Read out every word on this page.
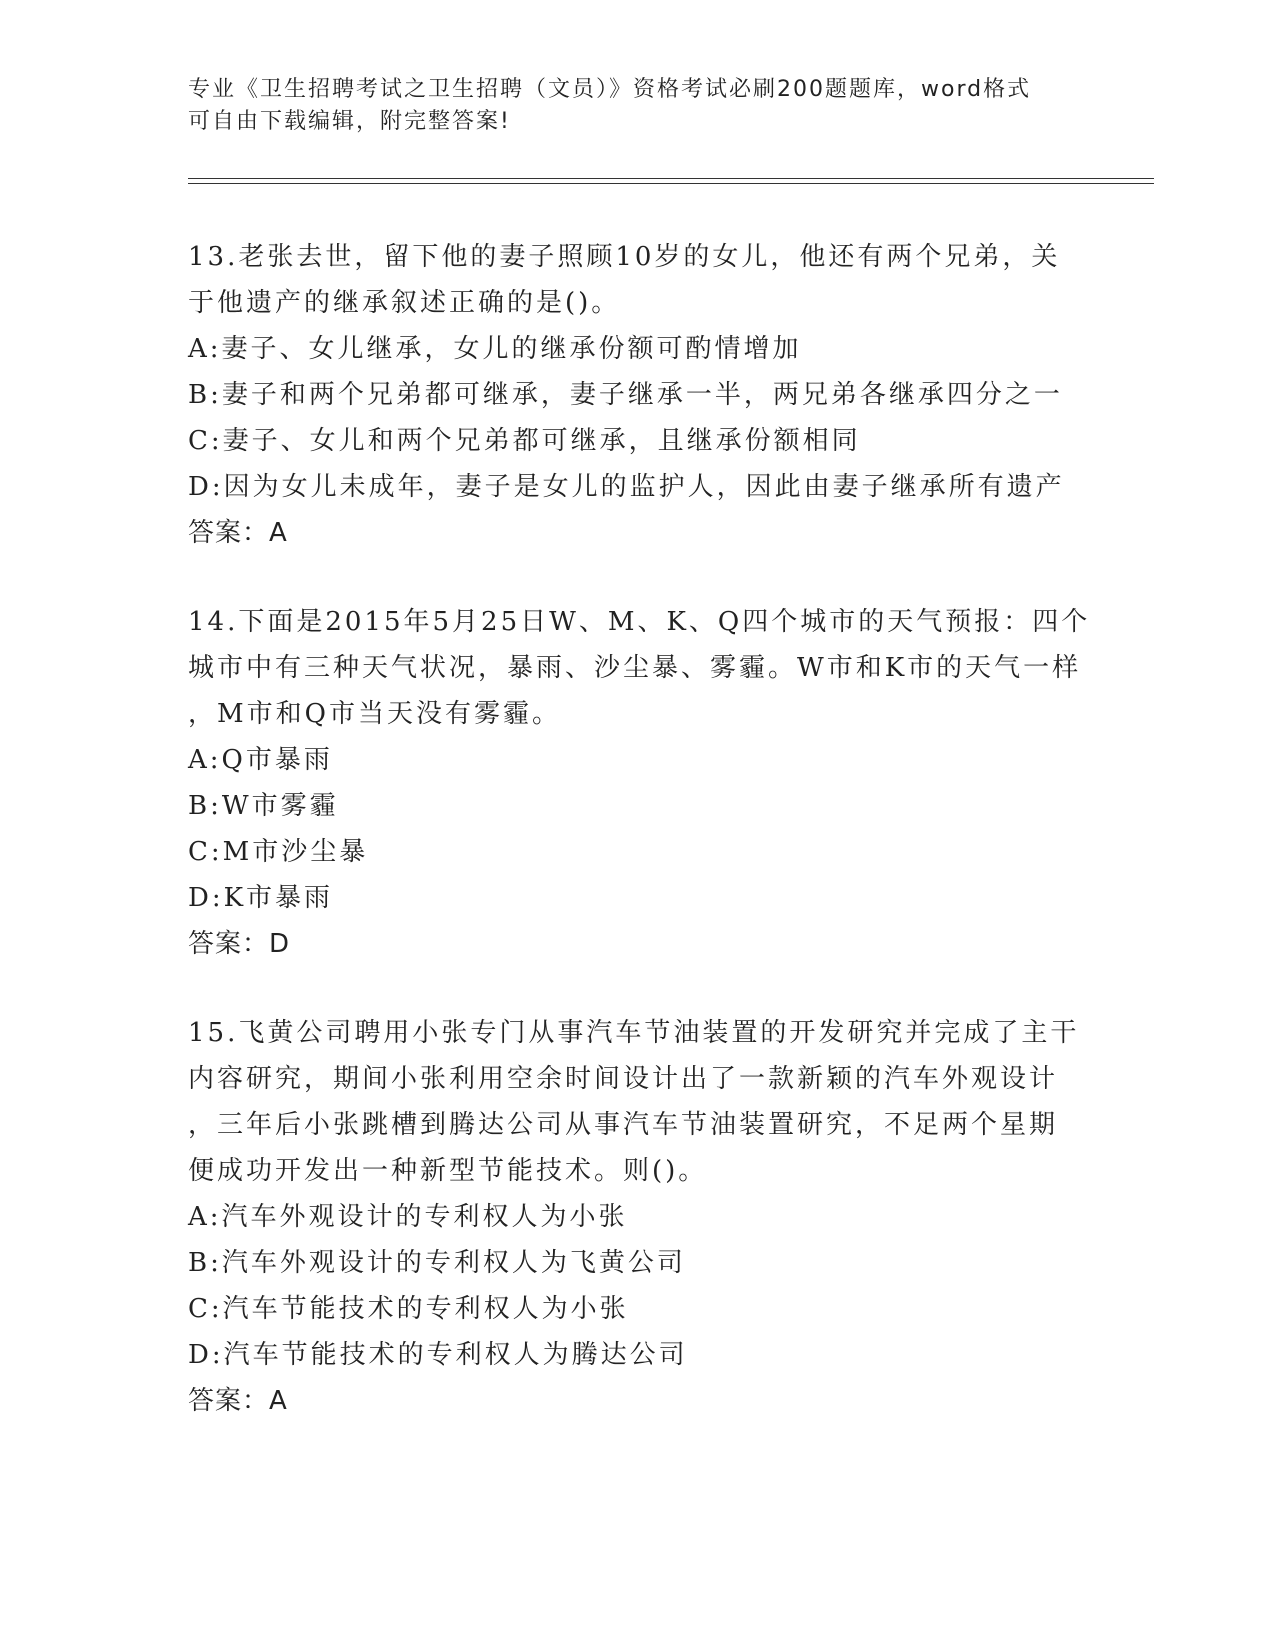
专业《卫生招聘考试之卫生招聘（文员）》资格考试必刷200题题库，word格式
可自由下载编辑，附完整答案!
13.老张去世，留下他的妻子照顾10岁的女儿，他还有两个兄弟，关
于他遗产的继承叙述正确的是()。
A:妻子、女儿继承，女儿的继承份额可酌情增加
B:妻子和两个兄弟都可继承，妻子继承一半，两兄弟各继承四分之一
C:妻子、女儿和两个兄弟都可继承，且继承份额相同
D:因为女儿未成年，妻子是女儿的监护人，因此由妻子继承所有遗产
答案：A
14.下面是2015年5月25日W、M、K、Q四个城市的天气预报：四个
城市中有三种天气状况，暴雨、沙尘暴、雾霾。W市和K市的天气一样
，M市和Q市当天没有雾霾。
A:Q市暴雨
B:W市雾霾
C:M市沙尘暴
D:K市暴雨
答案：D
15.飞黄公司聘用小张专门从事汽车节油装置的开发研究并完成了主干
内容研究，期间小张利用空余时间设计出了一款新颖的汽车外观设计
，三年后小张跳槽到腾达公司从事汽车节油装置研究，不足两个星期
便成功开发出一种新型节能技术。则()。
A:汽车外观设计的专利权人为小张
B:汽车外观设计的专利权人为飞黄公司
C:汽车节能技术的专利权人为小张
D:汽车节能技术的专利权人为腾达公司
答案：A
